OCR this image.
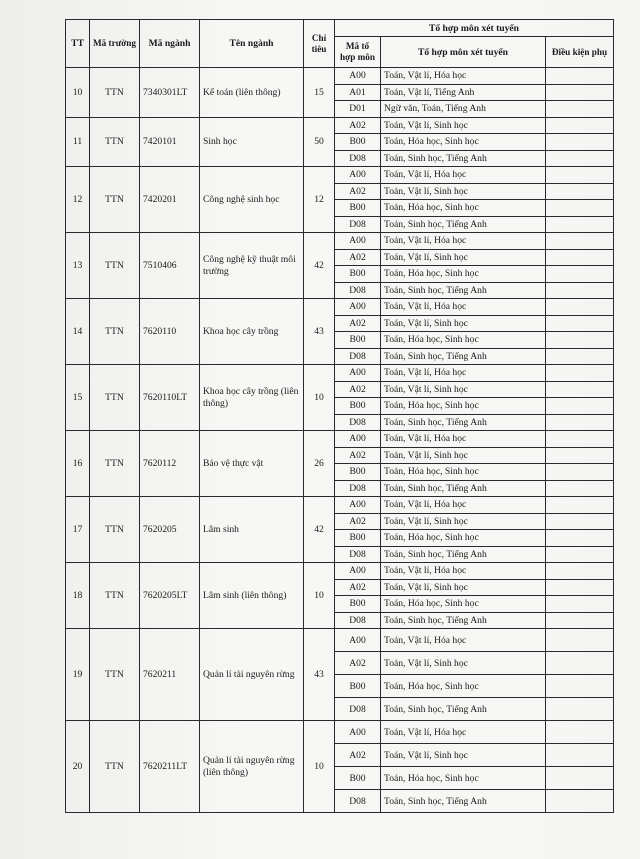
TT	Mã trường	Mã ngành	Tên ngành	Chỉ tiêu	Tổ hợp môn xét tuyển		
					Mã tổ hợp môn	Tổ hợp môn xét tuyển	Điều kiện phụ
10	TTN	7340301LT	Kế toán (liên thông)	15	A00	Toán, Vật lí, Hóa học	
					A01	Toán, Vật lí, Tiếng Anh	
					D01	Ngữ văn, Toán, Tiếng Anh	
11	TTN	7420101	Sinh học	50	A02	Toán, Vật lí, Sinh học	
					B00	Toán, Hóa học, Sinh học	
					D08	Toán, Sinh học, Tiếng Anh	
12	TTN	7420201	Công nghệ sinh học	12	A00	Toán, Vật lí, Hóa học	
					A02	Toán, Vật lí, Sinh học	
					B00	Toán, Hóa học, Sinh học	
					D08	Toán, Sinh học, Tiếng Anh	
13	TTN	7510406	Công nghệ kỹ thuật môi trường	42	A00	Toán, Vật lí, Hóa học	
					A02	Toán, Vật lí, Sinh học	
					B00	Toán, Hóa học, Sinh học	
					D08	Toán, Sinh học, Tiếng Anh	
14	TTN	7620110	Khoa học cây trồng	43	A00	Toán, Vật lí, Hóa học	
					A02	Toán, Vật lí, Sinh học	
					B00	Toán, Hóa học, Sinh học	
					D08	Toán, Sinh học, Tiếng Anh	
15	TTN	7620110LT	Khoa học cây trồng (liên thông)	10	A00	Toán, Vật lí, Hóa học	
					A02	Toán, Vật lí, Sinh học	
					B00	Toán, Hóa học, Sinh học	
					D08	Toán, Sinh học, Tiếng Anh	
16	TTN	7620112	Bảo vệ thực vật	26	A00	Toán, Vật lí, Hóa học	
					A02	Toán, Vật lí, Sinh học	
					B00	Toán, Hóa học, Sinh học	
					D08	Toán, Sinh học, Tiếng Anh	
17	TTN	7620205	Lâm sinh	42	A00	Toán, Vật lí, Hóa học	
					A02	Toán, Vật lí, Sinh học	
					B00	Toán, Hóa học, Sinh học	
					D08	Toán, Sinh học, Tiếng Anh	
18	TTN	7620205LT	Lâm sinh (liên thông)	10	A00	Toán, Vật lí, Hóa học	
					A02	Toán, Vật lí, Sinh học	
					B00	Toán, Hóa học, Sinh học	
					D08	Toán, Sinh học, Tiếng Anh	
19	TTN	7620211	Quản lí tài nguyên rừng	43	A00	Toán, Vật lí, Hóa học	
					A02	Toán, Vật lí, Sinh học	
					B00	Toán, Hóa học, Sinh học	
					D08	Toán, Sinh học, Tiếng Anh	
20	TTN	7620211LT	Quản lí tài nguyên rừng (liên thông)	10	A00	Toán, Vật lí, Hóa học	
					A02	Toán, Vật lí, Sinh học	
					B00	Toán, Hóa học, Sinh học	
					D08	Toán, Sinh học, Tiếng Anh	
